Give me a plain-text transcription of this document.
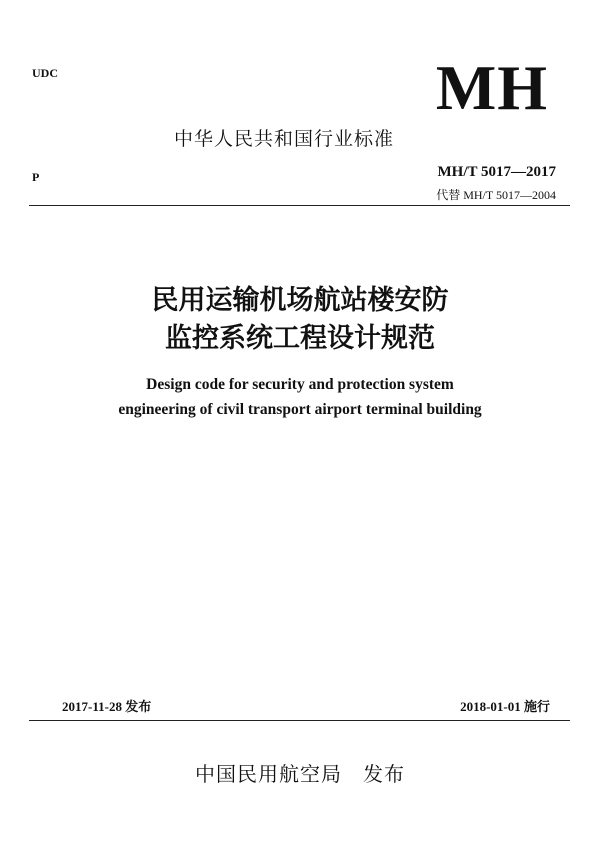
UDC	MH
中华人民共和国行业标准
P	MH/T 5017—2017
代替 MH/T 5017—2004
民用运输机场航站楼安防
监控系统工程设计规范
Design code for security and protection system
engineering of civil transport airport terminal building
2017-11-28 发布	2018-01-01 施行
中国民用航空局　发布
